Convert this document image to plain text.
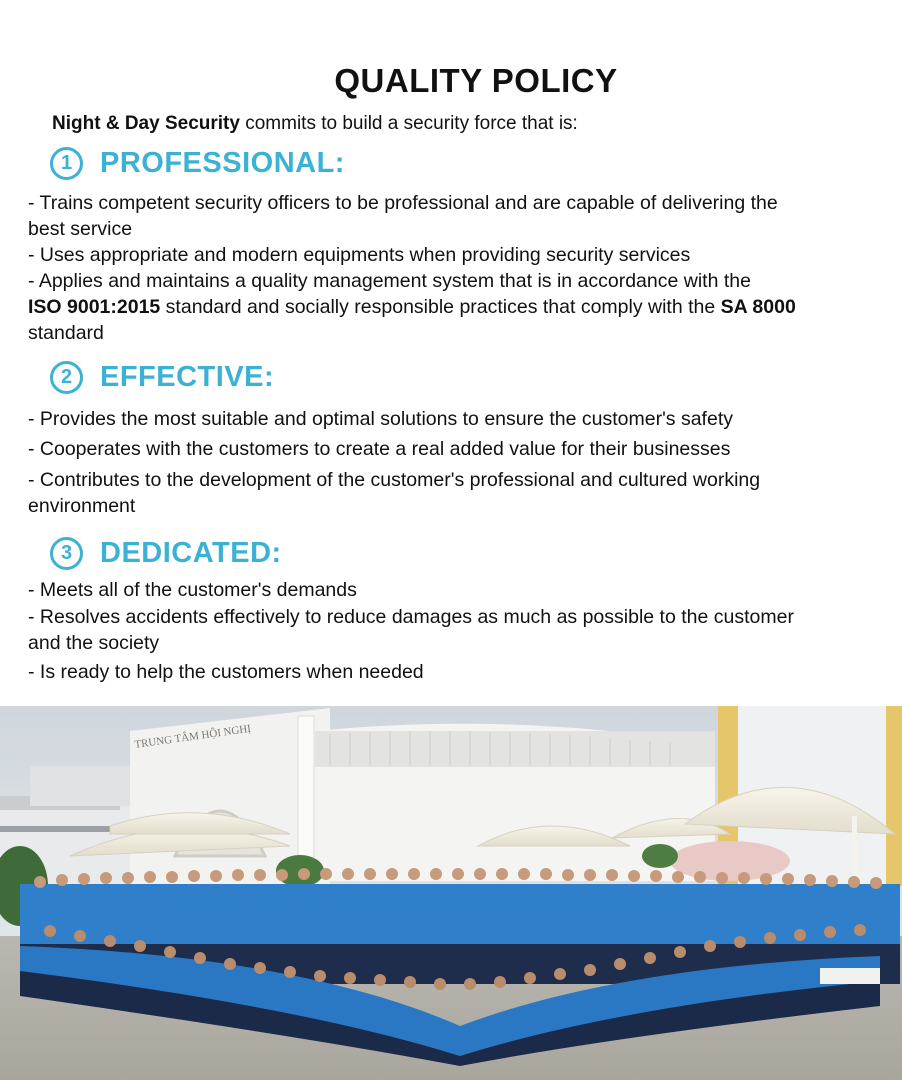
QUALITY POLICY
Night & Day Security commits to build a security force that is:
1 PROFESSIONAL:
- Trains competent security officers to be professional and are capable of delivering the
best service
- Uses appropriate and modern equipments when providing security services
- Applies and maintains a quality management system that is in accordance with the
ISO 9001:2015 standard and socially responsible practices that comply with the SA 8000
standard
2 EFFECTIVE:
- Provides the most suitable and optimal solutions to ensure the customer's safety
- Cooperates with the customers to create a real added value for their businesses
- Contributes to the development of the customer's professional and cultured working
environment
3 DEDICATED:
- Meets all of the customer's demands
- Resolves accidents effectively to reduce damages as much as possible to the customer
and the society
- Is ready to help the customers when needed
TRUNG TÂM HỘI NGHỊ
